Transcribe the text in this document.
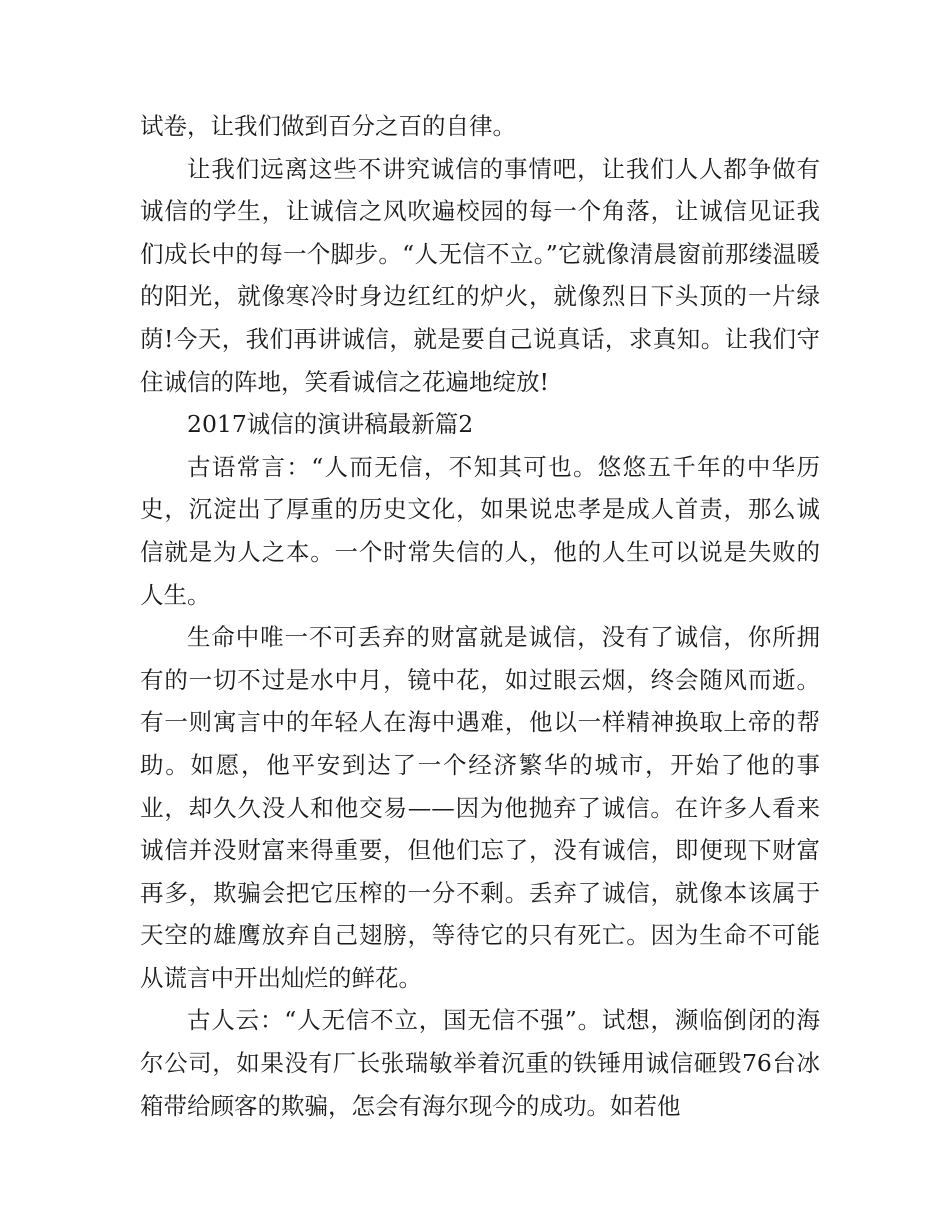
试卷，让我们做到百分之百的自律。

让我们远离这些不讲究诚信的事情吧，让我们人人都争做有诚信的学生，让诚信之风吹遍校园的每一个角落，让诚信见证我们成长中的每一个脚步。“人无信不立。”它就像清晨窗前那缕温暖的阳光，就像寒冷时身边红红的炉火，就像烈日下头顶的一片绿荫!今天，我们再讲诚信，就是要自己说真话，求真知。让我们守住诚信的阵地，笑看诚信之花遍地绽放!

2017诚信的演讲稿最新篇2

古语常言：“人而无信，不知其可也。悠悠五千年的中华历史，沉淀出了厚重的历史文化，如果说忠孝是成人首责，那么诚信就是为人之本。一个时常失信的人，他的人生可以说是失败的人生。

生命中唯一不可丢弃的财富就是诚信，没有了诚信，你所拥有的一切不过是水中月，镜中花，如过眼云烟，终会随风而逝。有一则寓言中的年轻人在海中遇难，他以一样精神换取上帝的帮助。如愿，他平安到达了一个经济繁华的城市，开始了他的事业，却久久没人和他交易——因为他抛弃了诚信。在许多人看来诚信并没财富来得重要，但他们忘了，没有诚信，即便现下财富再多，欺骗会把它压榨的一分不剩。丢弃了诚信，就像本该属于天空的雄鹰放弃自己翅膀，等待它的只有死亡。因为生命不可能从谎言中开出灿烂的鲜花。

古人云：“人无信不立，国无信不强”。试想，濒临倒闭的海尔公司，如果没有厂长张瑞敏举着沉重的铁锤用诚信砸毁76台冰箱带给顾客的欺骗，怎会有海尔现今的成功。如若他
